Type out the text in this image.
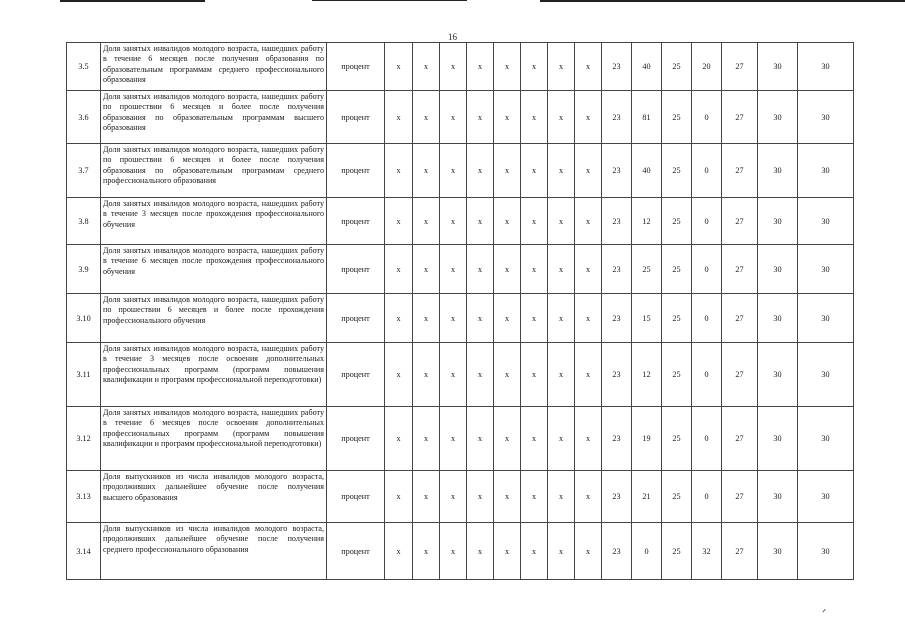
16
3.5	Доля занятых инвалидов молодого возраста, нашедших работу в течение 6 месяцев после получения образования по образовательным программам среднего профессионального образования	процент	х	х	х	х	х	х	х	х	23	40	25	20	27	30	30
3.6	Доля занятых инвалидов молодого возраста, нашедших работу по прошествии 6 месяцев и более после получения образования по образовательным программам высшего образования	процент	х	х	х	х	х	х	х	х	23	81	25	0	27	30	30
3.7	Доля занятых инвалидов молодого возраста, нашедших работу по прошествии 6 месяцев и более после получения образования по образовательным программам среднего профессионального образования	процент	х	х	х	х	х	х	х	х	23	40	25	0	27	30	30
3.8	Доля занятых инвалидов молодого возраста, нашедших работу в течение 3 месяцев после прохождения профессионального обучения	процент	х	х	х	х	х	х	х	х	23	12	25	0	27	30	30
3.9	Доля занятых инвалидов молодого возраста, нашедших работу в течение 6 месяцев после прохождения профессионального обучения	процент	х	х	х	х	х	х	х	х	23	25	25	0	27	30	30
3.10	Доля занятых инвалидов молодого возраста, нашедших работу по прошествии 6 месяцев и более после прохождения профессионального обучения	процент	х	х	х	х	х	х	х	х	23	15	25	0	27	30	30
3.11	Доля занятых инвалидов молодого возраста, нашедших работу в течение 3 месяцев после освоения дополнительных профессиональных программ (программ повышения квалификации и программ профессиональной переподготовки)	процент	х	х	х	х	х	х	х	х	23	12	25	0	27	30	30
3.12	Доля занятых инвалидов молодого возраста, нашедших работу в течение 6 месяцев после освоения дополнительных профессиональных программ (программ повышения квалификации и программ профессиональной переподготовки)	процент	х	х	х	х	х	х	х	х	23	19	25	0	27	30	30
3.13	Доля выпускников из числа инвалидов молодого возраста, продолживших дальнейшее обучение после получения высшего образования	процент	х	х	х	х	х	х	х	х	23	21	25	0	27	30	30
3.14	Доля выпускников из числа инвалидов молодого возраста, продолживших дальнейшее обучение после получения среднего профессионального образования	процент	х	х	х	х	х	х	х	х	23	0	25	32	27	30	30
ᐟ
